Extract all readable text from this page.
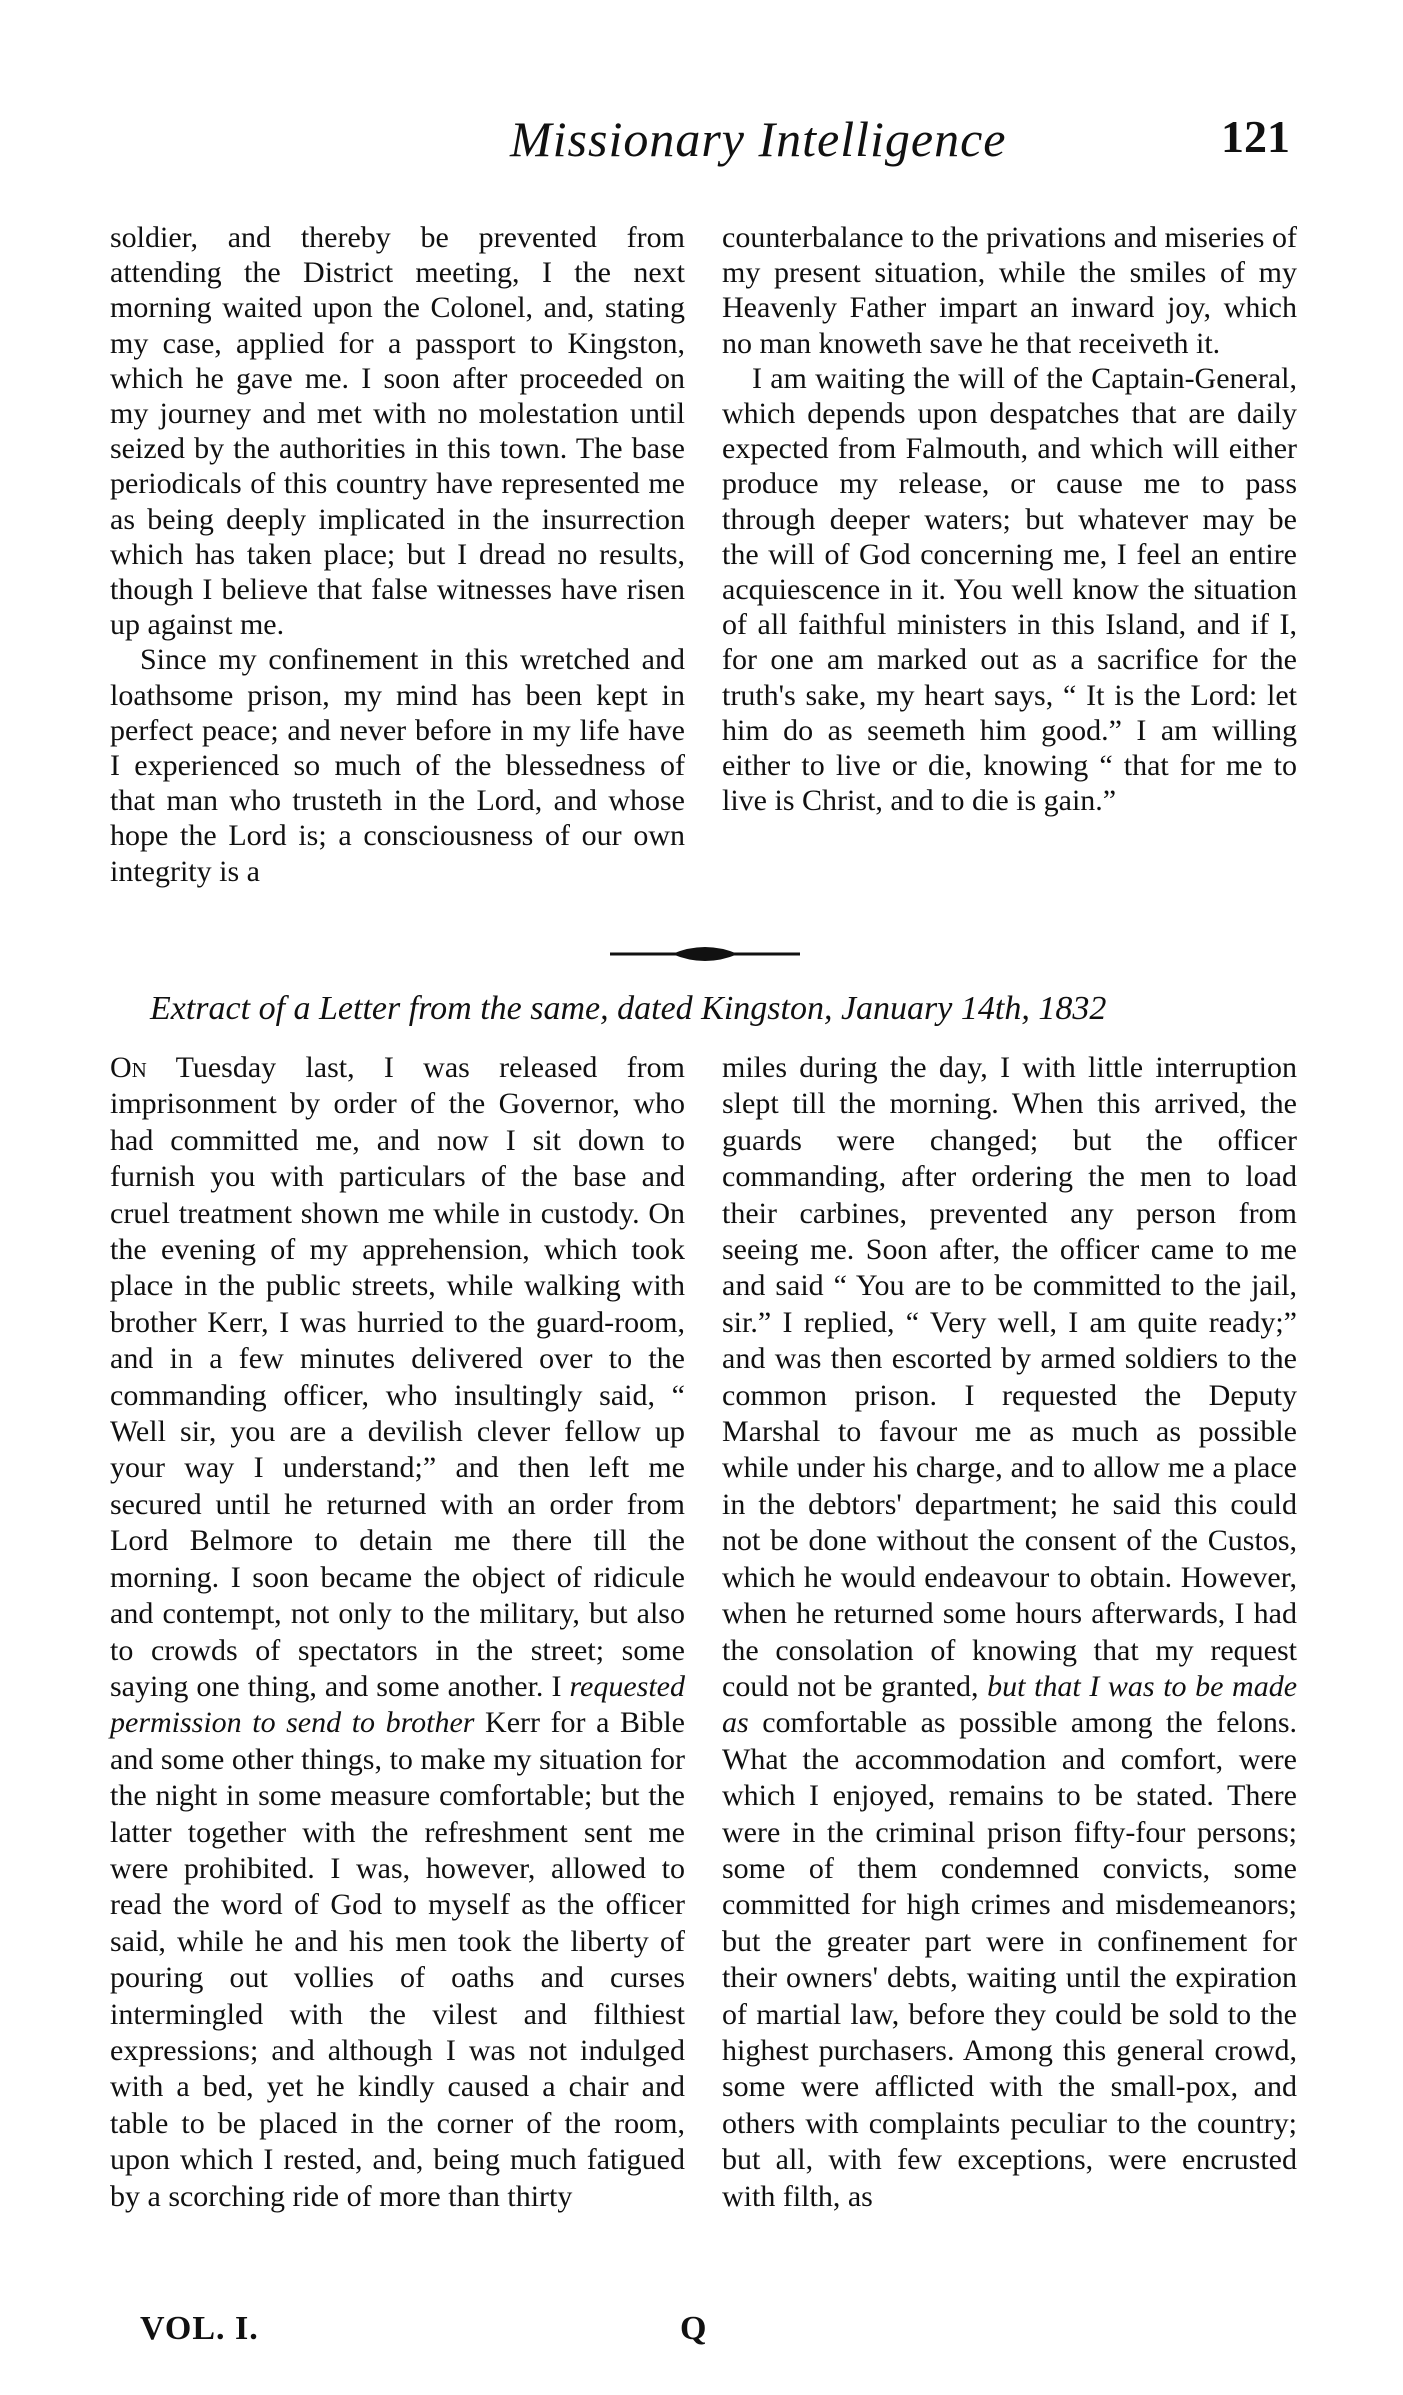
Missionary Intelligence	121

soldier, and thereby be prevented from attending the District meeting, I the next morning waited upon the Colonel, and, stating my case, applied for a passport to Kingston, which he gave me. I soon after proceeded on my journey and met with no molestation until seized by the authorities in this town. The base periodicals of this country have represented me as being deeply implicated in the insurrection which has taken place; but I dread no results, though I believe that false witnesses have risen up against me.

Since my confinement in this wretched and loathsome prison, my mind has been kept in perfect peace; and never before in my life have I experienced so much of the blessedness of that man who trusteth in the Lord, and whose hope the Lord is; a consciousness of our own integrity is a

counterbalance to the privations and miseries of my present situation, while the smiles of my Heavenly Father impart an inward joy, which no man knoweth save he that receiveth it.

I am waiting the will of the Captain-General, which depends upon despatches that are daily expected from Falmouth, and which will either produce my release, or cause me to pass through deeper waters; but whatever may be the will of God concerning me, I feel an entire acquiescence in it. You well know the situation of all faithful ministers in this Island, and if I, for one am marked out as a sacrifice for the truth's sake, my heart says, “ It is the Lord: let him do as seemeth him good.” I am willing either to live or die, knowing “ that for me to live is Christ, and to die is gain.”

Extract of a Letter from the same, dated Kingston, January 14th, 1832

On Tuesday last, I was released from imprisonment by order of the Governor, who had committed me, and now I sit down to furnish you with particulars of the base and cruel treatment shown me while in custody. On the evening of my apprehension, which took place in the public streets, while walking with brother Kerr, I was hurried to the guard-room, and in a few minutes delivered over to the commanding officer, who insultingly said, “ Well sir, you are a devilish clever fellow up your way I understand;” and then left me secured until he returned with an order from Lord Belmore to detain me there till the morning. I soon became the object of ridicule and contempt, not only to the military, but also to crowds of spectators in the street; some saying one thing, and some another. I requested permission to send to brother Kerr for a Bible and some other things, to make my situation for the night in some measure comfortable; but the latter together with the refreshment sent me were prohibited. I was, however, allowed to read the word of God to myself as the officer said, while he and his men took the liberty of pouring out vollies of oaths and curses intermingled with the vilest and filthiest expressions; and although I was not indulged with a bed, yet he kindly caused a chair and table to be placed in the corner of the room, upon which I rested, and, being much fatigued by a scorching ride of more than thirty

miles during the day, I with little interruption slept till the morning. When this arrived, the guards were changed; but the officer commanding, after ordering the men to load their carbines, prevented any person from seeing me. Soon after, the officer came to me and said “ You are to be committed to the jail, sir.” I replied, “ Very well, I am quite ready;” and was then escorted by armed soldiers to the common prison. I requested the Deputy Marshal to favour me as much as possible while under his charge, and to allow me a place in the debtors' department; he said this could not be done without the consent of the Custos, which he would endeavour to obtain. However, when he returned some hours afterwards, I had the consolation of knowing that my request could not be granted, but that I was to be made as comfortable as possible among the felons. What the accommodation and comfort, were which I enjoyed, remains to be stated. There were in the criminal prison fifty-four persons; some of them condemned convicts, some committed for high crimes and misdemeanors; but the greater part were in confinement for their owners' debts, waiting until the expiration of martial law, before they could be sold to the highest purchasers. Among this general crowd, some were afflicted with the small-pox, and others with complaints peculiar to the country; but all, with few exceptions, were encrusted with filth, as

VOL. I.	Q
